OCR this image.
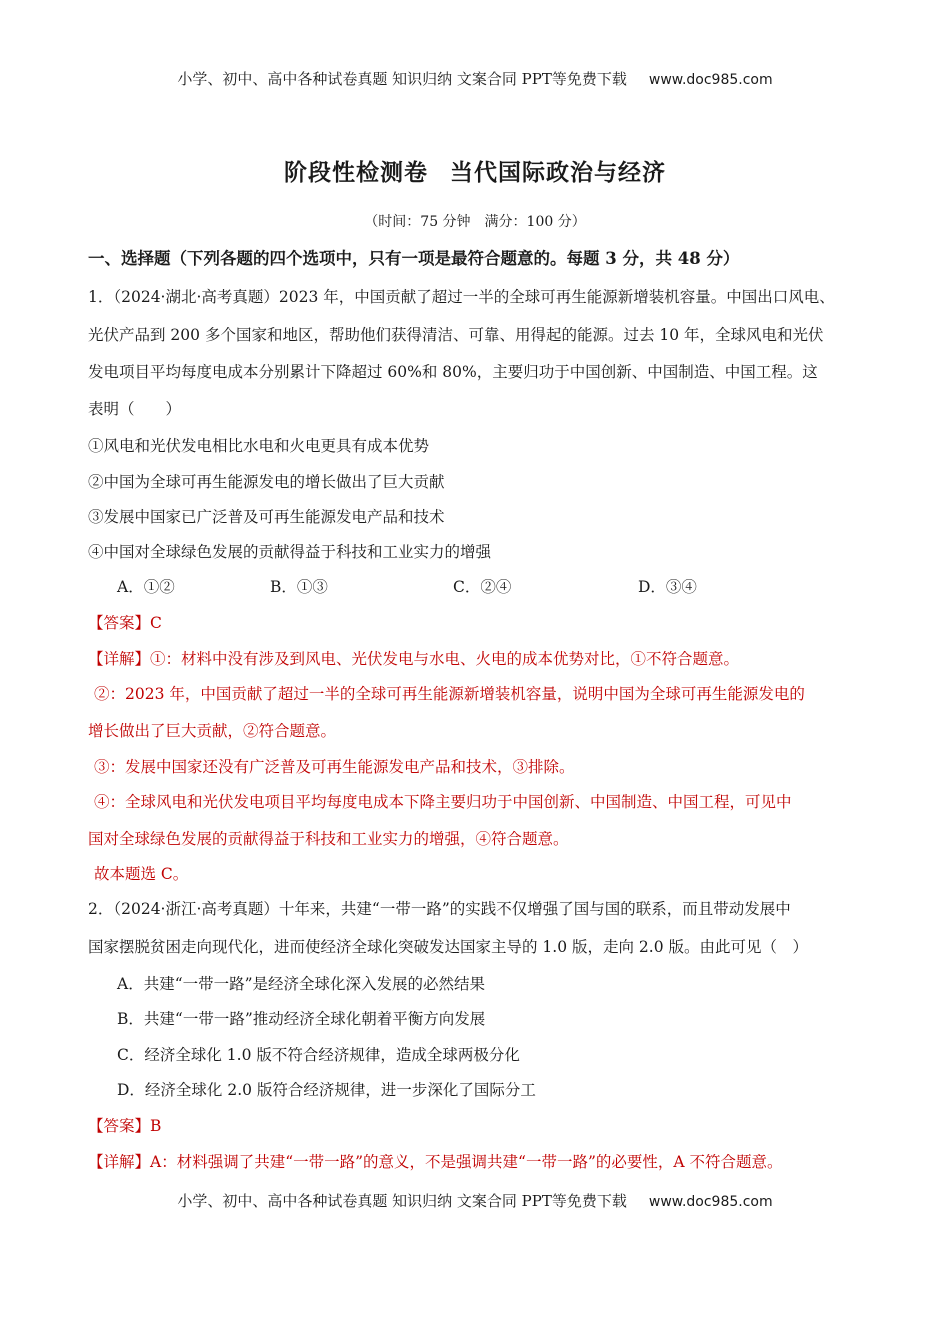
小学、初中、高中各种试卷真题 知识归纳 文案合同 PPT等免费下载 www.doc985.com
阶段性检测卷 当代国际政治与经济
（时间：75 分钟　满分：100 分）
一、选择题（下列各题的四个选项中，只有一项是最符合题意的。每题 3 分，共 48 分）
1．（2024·湖北·高考真题）2023 年，中国贡献了超过一半的全球可再生能源新增装机容量。中国出口风电、
光伏产品到 200 多个国家和地区，帮助他们获得清洁、可靠、用得起的能源。过去 10 年，全球风电和光伏
发电项目平均每度电成本分别累计下降超过 60%和 80%，主要归功于中国创新、中国制造、中国工程。这
表明（　　）
①风电和光伏发电相比水电和火电更具有成本优势
②中国为全球可再生能源发电的增长做出了巨大贡献
③发展中国家已广泛普及可再生能源发电产品和技术
④中国对全球绿色发展的贡献得益于科技和工业实力的增强
A．①②	B．①③	C．②④	D．③④
【答案】C
【详解】①：材料中没有涉及到风电、光伏发电与水电、火电的成本优势对比，①不符合题意。
②：2023 年，中国贡献了超过一半的全球可再生能源新增装机容量，说明中国为全球可再生能源发电的
增长做出了巨大贡献，②符合题意。
③：发展中国家还没有广泛普及可再生能源发电产品和技术，③排除。
④：全球风电和光伏发电项目平均每度电成本下降主要归功于中国创新、中国制造、中国工程，可见中
国对全球绿色发展的贡献得益于科技和工业实力的增强，④符合题意。
故本题选 C。
2．（2024·浙江·高考真题）十年来，共建“一带一路”的实践不仅增强了国与国的联系，而且带动发展中
国家摆脱贫困走向现代化，进而使经济全球化突破发达国家主导的 1.0 版，走向 2.0 版。由此可见（　）
A．共建“一带一路”是经济全球化深入发展的必然结果
B．共建“一带一路”推动经济全球化朝着平衡方向发展
C．经济全球化 1.0 版不符合经济规律，造成全球两极分化
D．经济全球化 2.0 版符合经济规律，进一步深化了国际分工
【答案】B
【详解】A：材料强调了共建“一带一路”的意义，不是强调共建“一带一路”的必要性，A 不符合题意。
小学、初中、高中各种试卷真题 知识归纳 文案合同 PPT等免费下载 www.doc985.com
